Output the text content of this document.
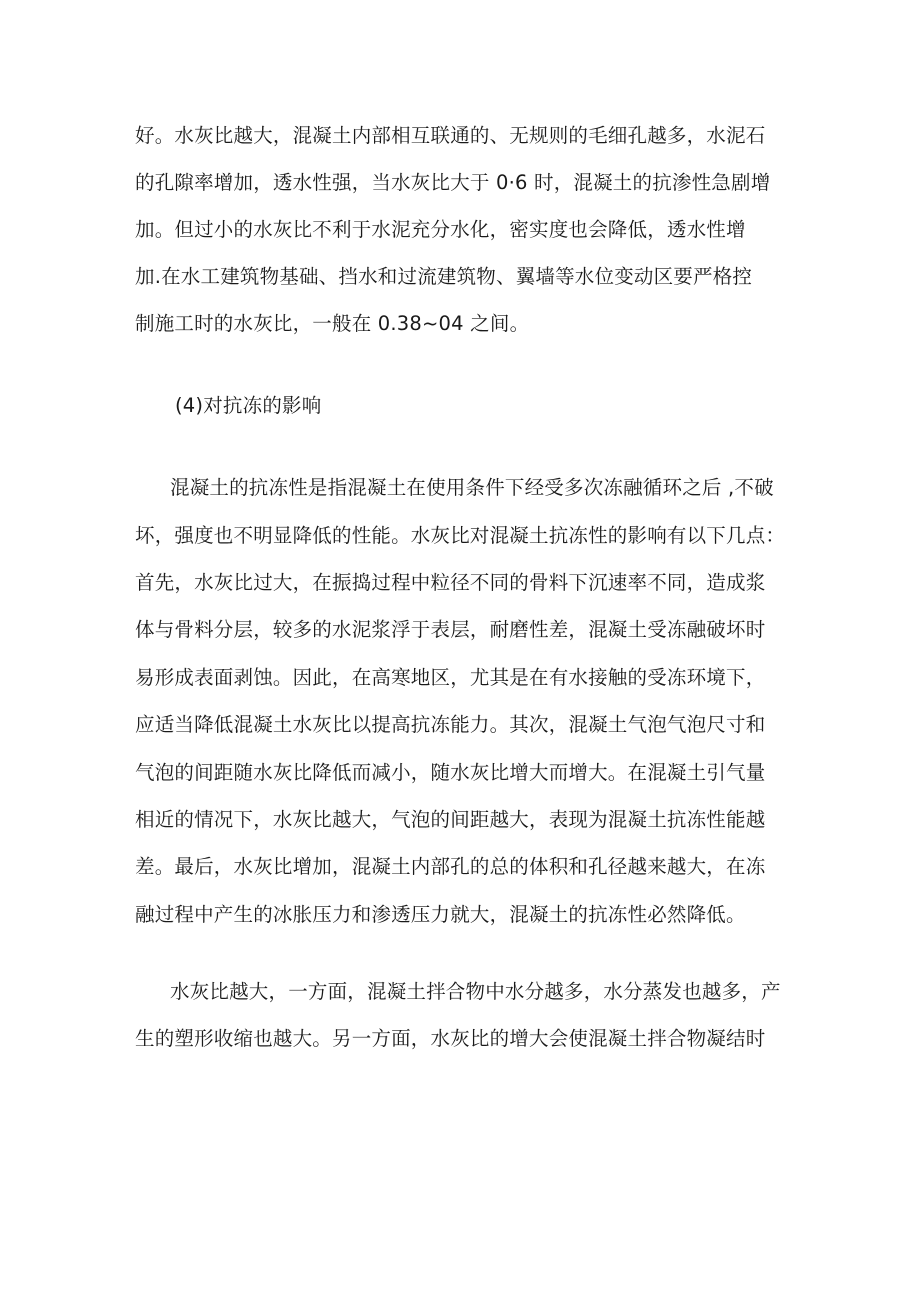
好。水灰比越大，混凝土内部相互联通的、无规则的毛细孔越多，水泥石
的孔隙率增加，透水性强，当水灰比大于 0·6 时，混凝土的抗渗性急剧增
加。但过小的水灰比不利于水泥充分水化，密实度也会降低，透水性增
加.在水工建筑物基础、挡水和过流建筑物、翼墙等水位变动区要严格控
制施工时的水灰比，一般在 0.38~04 之间。
(4)对抗冻的影响
混凝土的抗冻性是指混凝土在使用条件下经受多次冻融循环之后 ,不破
坏，强度也不明显降低的性能。水灰比对混凝土抗冻性的影响有以下几点：
首先，水灰比过大，在振捣过程中粒径不同的骨料下沉速率不同，造成浆
体与骨料分层，较多的水泥浆浮于表层，耐磨性差，混凝土受冻融破坏时
易形成表面剥蚀。因此，在高寒地区，尤其是在有水接触的受冻环境下，
应适当降低混凝土水灰比以提高抗冻能力。其次，混凝土气泡气泡尺寸和
气泡的间距随水灰比降低而减小，随水灰比增大而增大。在混凝土引气量
相近的情况下，水灰比越大，气泡的间距越大，表现为混凝土抗冻性能越
差。最后，水灰比增加，混凝土内部孔的总的体积和孔径越来越大，在冻
融过程中产生的冰胀压力和渗透压力就大，混凝土的抗冻性必然降低。
水灰比越大，一方面，混凝土拌合物中水分越多，水分蒸发也越多，产
生的塑形收缩也越大。另一方面，水灰比的增大会使混凝土拌合物凝结时
